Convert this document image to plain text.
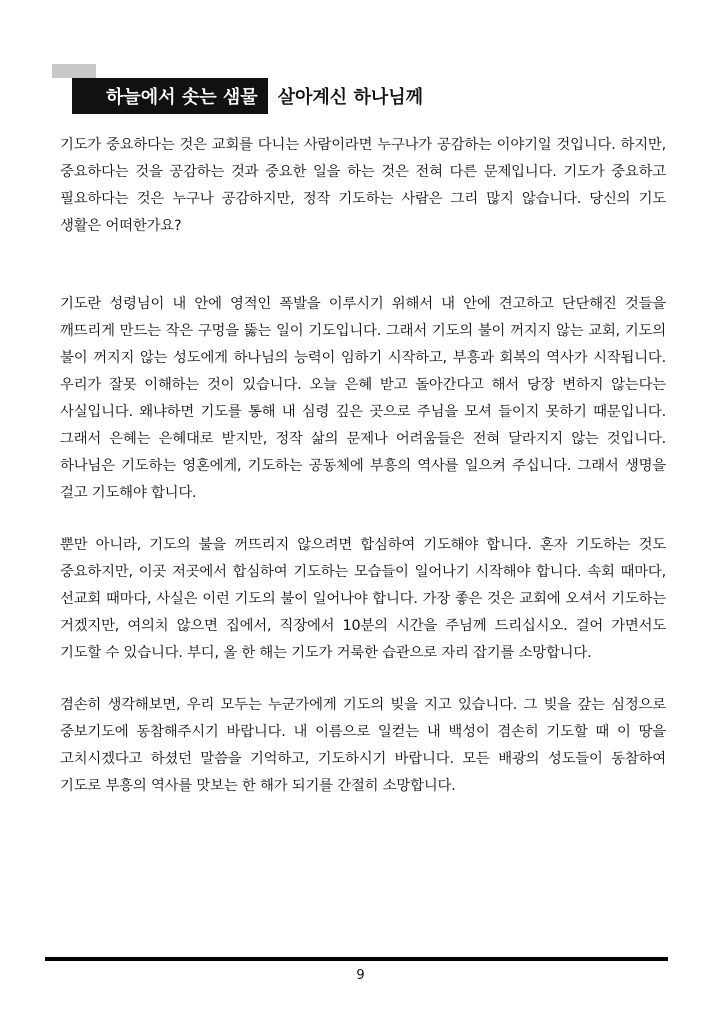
하늘에서 솟는 샘물	살아계신 하나님께

기도가 중요하다는 것은 교회를 다니는 사람이라면 누구나가 공감하는 이야기일 것입니다. 하지만, 중요하다는 것을 공감하는 것과 중요한 일을 하는 것은 전혀 다른 문제입니다. 기도가 중요하고 필요하다는 것은 누구나 공감하지만, 정작 기도하는 사람은 그리 많지 않습니다. 당신의 기도 생활은 어떠한가요?

기도란 성령님이 내 안에 영적인 폭발을 이루시기 위해서 내 안에 견고하고 단단해진 것들을 깨뜨리게 만드는 작은 구멍을 뚫는 일이 기도입니다. 그래서 기도의 불이 꺼지지 않는 교회, 기도의 불이 꺼지지 않는 성도에게 하나님의 능력이 임하기 시작하고, 부흥과 회복의 역사가 시작됩니다. 우리가 잘못 이해하는 것이 있습니다. 오늘 은혜 받고 돌아간다고 해서 당장 변하지 않는다는 사실입니다. 왜냐하면 기도를 통해 내 심령 깊은 곳으로 주님을 모셔 들이지 못하기 때문입니다. 그래서 은혜는 은혜대로 받지만, 정작 삶의 문제나 어려움들은 전혀 달라지지 않는 것입니다. 하나님은 기도하는 영혼에게, 기도하는 공동체에 부흥의 역사를 일으켜 주십니다. 그래서 생명을 걸고 기도해야 합니다.

뿐만 아니라, 기도의 불을 꺼뜨리지 않으려면 합심하여 기도해야 합니다. 혼자 기도하는 것도 중요하지만, 이곳 저곳에서 합심하여 기도하는 모습들이 일어나기 시작해야 합니다. 속회 때마다, 선교회 때마다, 사실은 이런 기도의 불이 일어나야 합니다. 가장 좋은 것은 교회에 오셔서 기도하는 거겠지만, 여의치 않으면 집에서, 직장에서 10분의 시간을 주님께 드리십시오. 걸어 가면서도 기도할 수 있습니다. 부디, 올 한 해는 기도가 거룩한 습관으로 자리 잡기를 소망합니다.

겸손히 생각해보면, 우리 모두는 누군가에게 기도의 빚을 지고 있습니다. 그 빚을 갚는 심정으로 중보기도에 동참해주시기 바랍니다. 내 이름으로 일컫는 내 백성이 겸손히 기도할 때 이 땅을 고치시겠다고 하셨던 말씀을 기억하고, 기도하시기 바랍니다. 모든 배광의 성도들이 동참하여 기도로 부흥의 역사를 맛보는 한 해가 되기를 간절히 소망합니다.

9
